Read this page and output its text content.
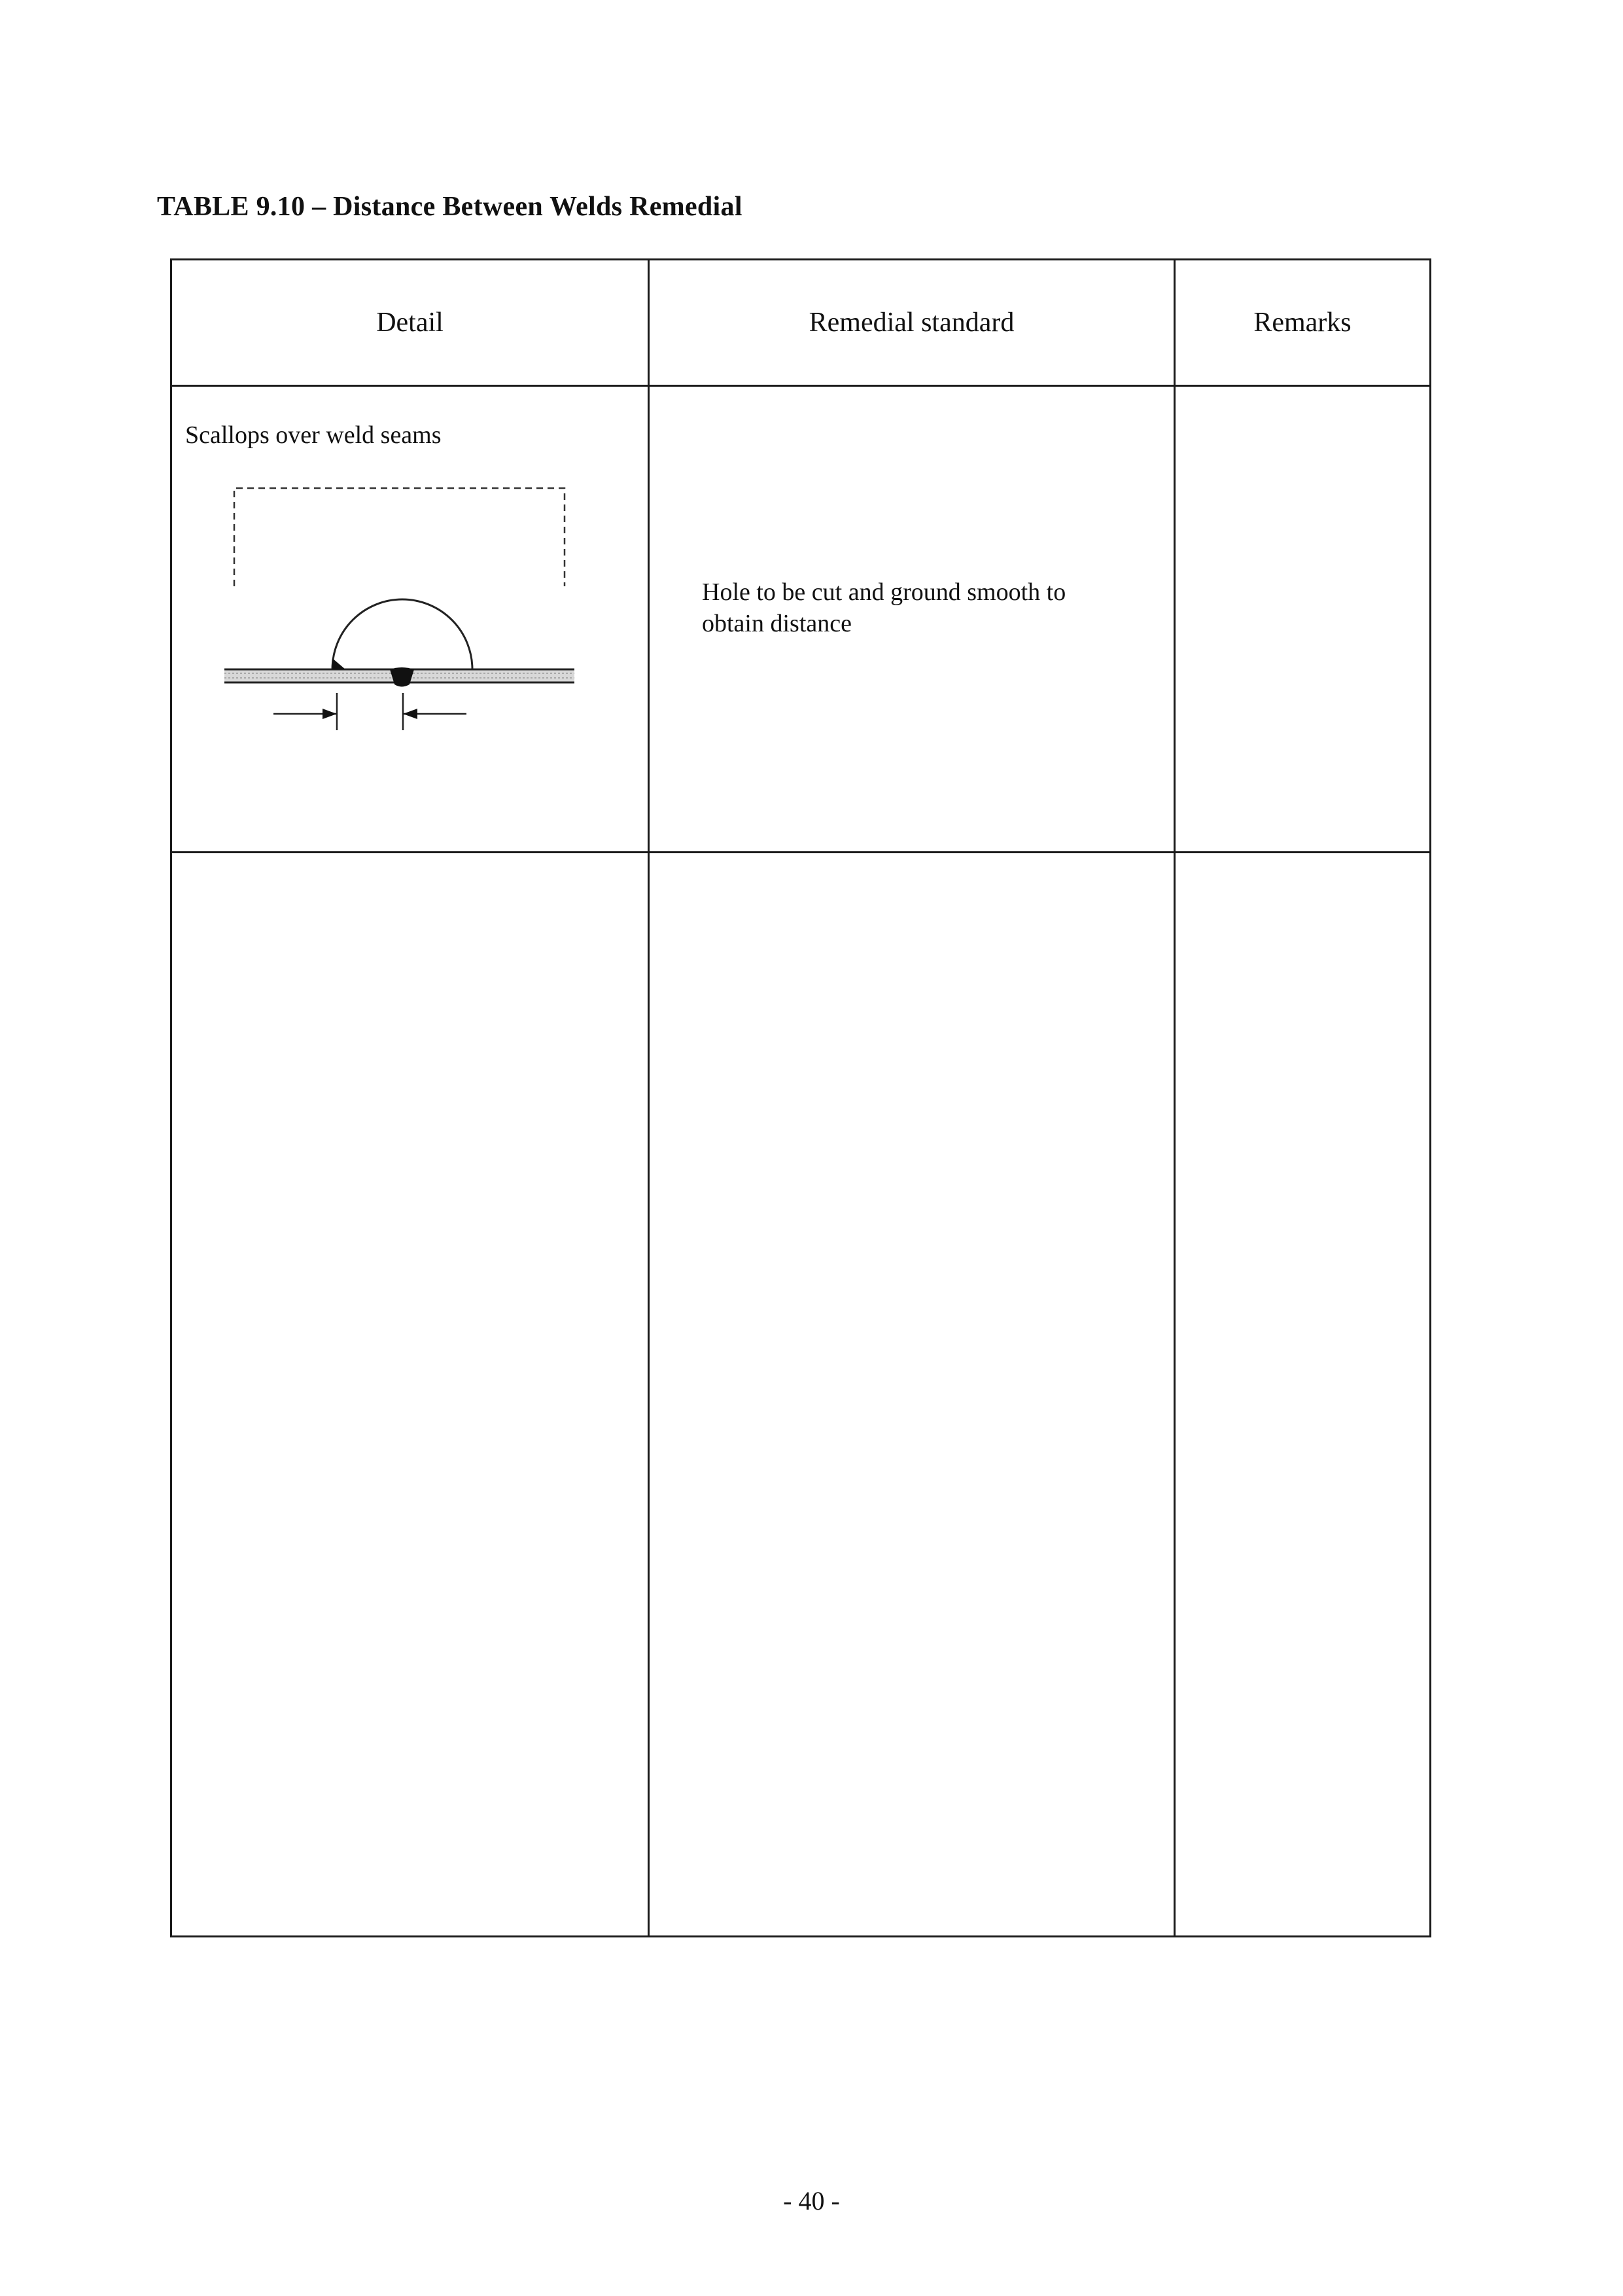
TABLE 9.10 – Distance Between Welds Remedial
Detail	Remedial standard	Remarks

Scallops over weld seams	Hole to be cut and ground smooth to obtain distance	

- 40 -
